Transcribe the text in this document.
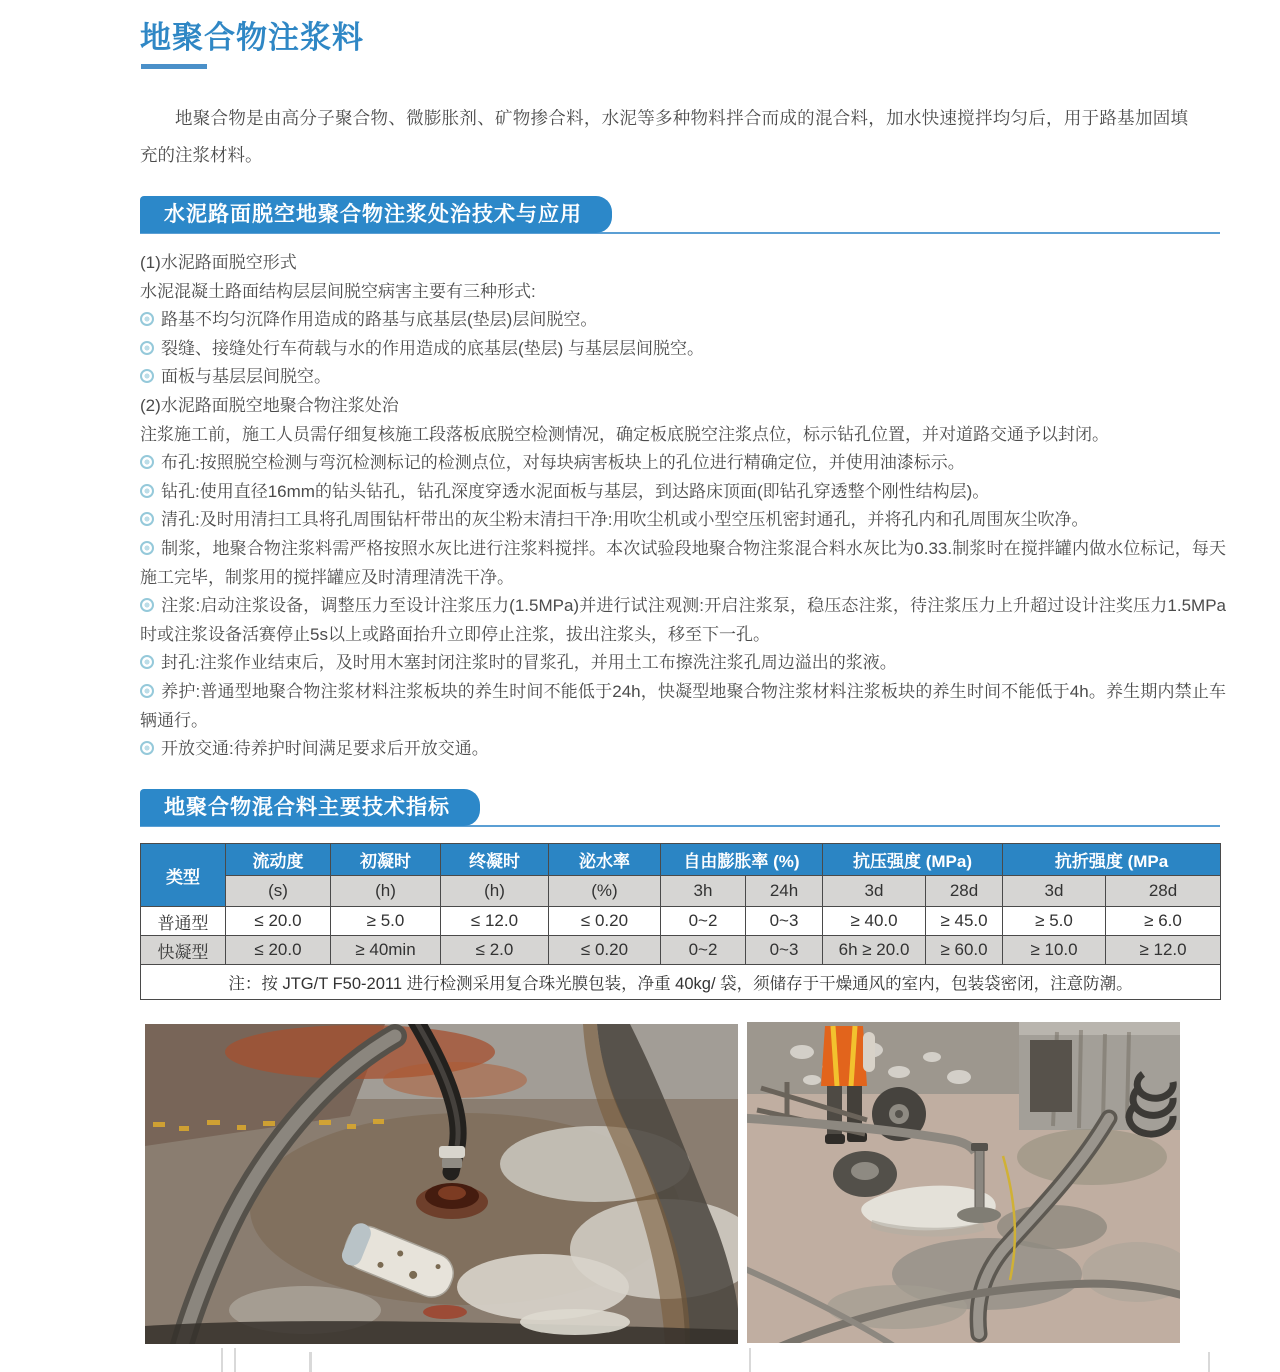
地聚合物注浆料

地聚合物是由高分子聚合物、微膨胀剂、矿物掺合料，水泥等多种物料拌合而成的混合料，加水快速搅拌均匀后，用于路基加固填充的注浆材料。

水泥路面脱空地聚合物注浆处治技术与应用
(1)水泥路面脱空形式
水泥混凝土路面结构层层间脱空病害主要有三种形式:
路基不均匀沉降作用造成的路基与底基层(垫层)层间脱空。
裂缝、接缝处行车荷载与水的作用造成的底基层(垫层) 与基层层间脱空。
面板与基层层间脱空。
(2)水泥路面脱空地聚合物注浆处治
注浆施工前，施工人员需仔细复核施工段落板底脱空检测情况，确定板底脱空注浆点位，标示钻孔位置，并对道路交通予以封闭。
布孔:按照脱空检测与弯沉检测标记的检测点位，对每块病害板块上的孔位进行精确定位，并使用油漆标示。
钻孔:使用直径16mm的钻头钻孔，钻孔深度穿透水泥面板与基层，到达路床顶面(即钻孔穿透整个刚性结构层)。
清孔:及时用清扫工具将孔周围钻杆带出的灰尘粉末清扫干净:用吹尘机或小型空压机密封通孔，并将孔内和孔周围灰尘吹净。
制浆，地聚合物注浆料需严格按照水灰比进行注浆料搅拌。本次试验段地聚合物注浆混合料水灰比为0.33.制浆时在搅拌罐内做水位标记，每天施工完毕，制浆用的搅拌罐应及时清理清洗干净。
注浆:启动注浆设备，调整压力至设计注浆压力(1.5MPa)并进行试注观测:开启注浆泵，稳压态注浆，待注浆压力上升超过设计注奖压力1.5MPa时或注浆设备活赛停止5s以上或路面抬升立即停止注浆，拔出注浆头，移至下一孔。
封孔:注浆作业结束后，及时用木塞封闭注浆时的冒浆孔，并用土工布擦洗注浆孔周边溢出的浆液。
养护:普通型地聚合物注浆材料注浆板块的养生时间不能低于24h，快凝型地聚合物注浆材料注浆板块的养生时间不能低于4h。养生期内禁止车辆通行。
开放交通:待养护时间满足要求后开放交通。
地聚合物混合料主要技术指标
类型	流动度	初凝时	终凝时	泌水率	自由膨胀率 (%)		抗压强度 (MPa)		抗折强度 (MPa	
	(s)	(h)	(h)	(%)	3h	24h	3d	28d	3d	28d
普通型	≤ 20.0	≥ 5.0	≤ 12.0	≤ 0.20	0~2	0~3	≥ 40.0	≥ 45.0	≥ 5.0	≥ 6.0
快凝型	≤ 20.0	≥ 40min	≤ 2.0	≤ 0.20	0~2	0~3	6h ≥ 20.0	≥ 60.0	≥ 10.0	≥ 12.0
注：按 JTG/T F50-2011 进行检测采用复合珠光膜包装，净重 40kg/ 袋，须储存于干燥通风的室内，包装袋密闭，注意防潮。										
